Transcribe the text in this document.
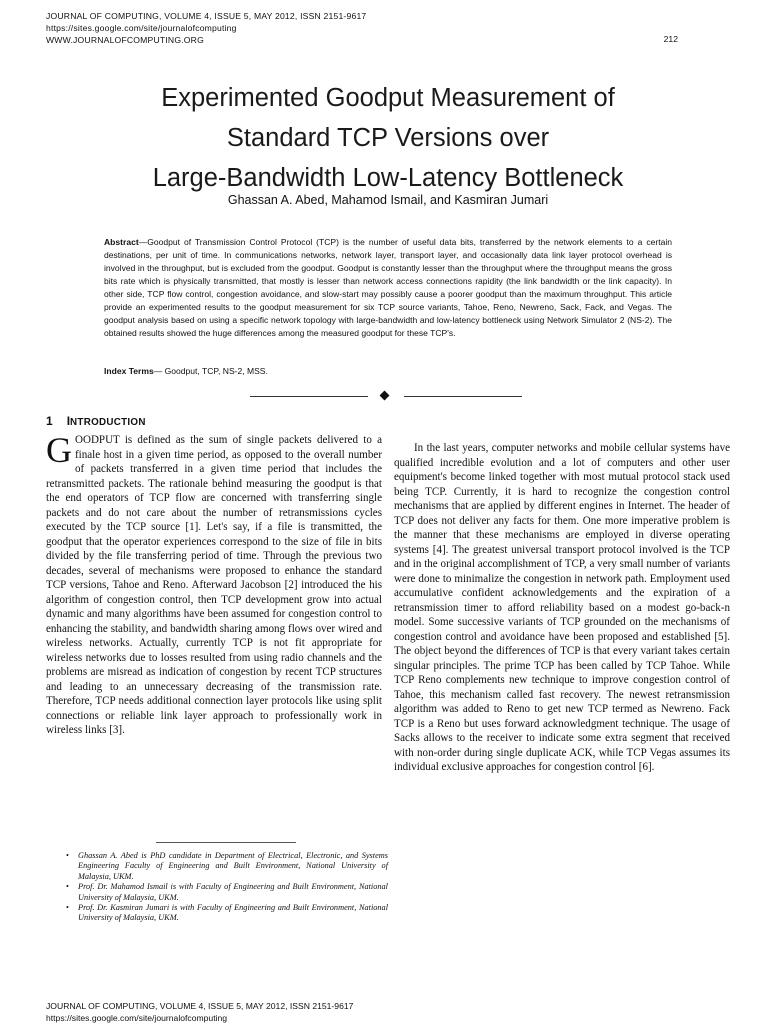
JOURNAL OF COMPUTING, VOLUME 4, ISSUE 5, MAY 2012, ISSN 2151-9617
https://sites.google.com/site/journalofcomputing
WWW.JOURNALOFCOMPUTING.ORG	212
Experimented Goodput Measurement of
Standard TCP Versions over
Large-Bandwidth Low-Latency Bottleneck
Ghassan A. Abed, Mahamod Ismail, and Kasmiran Jumari
Abstract—Goodput of Transmission Control Protocol (TCP) is the number of useful data bits, transferred by the network elements to a certain destinations, per unit of time. In communications networks, network layer, transport layer, and occasionally data link layer protocol overhead is involved in the throughput, but is excluded from the goodput. Goodput is constantly lesser than the throughput where the throughput means the gross bits rate which is physically transmitted, that mostly is lesser than network access connections rapidity (the link bandwidth or the link capacity). In other side, TCP flow control, congestion avoidance, and slow-start may possibly cause a poorer goodput than the maximum throughput. This article provide an experimented results to the goodput measurement for six TCP source variants, Tahoe, Reno, Newreno, Sack, Fack, and Vegas. The goodput analysis based on using a specific network topology with large-bandwidth and low-latency bottleneck using Network Simulator 2 (NS-2). The obtained results showed the huge differences among the measured goodput for these TCP's.
Index Terms— Goodput, TCP, NS-2, MSS.
1 INTRODUCTION
GOODPUT is defined as the sum of single packets delivered to a finale host in a given time period, as opposed to the overall number of packets transferred in a given time period that includes the retransmitted packets. The rationale behind measuring the goodput is that the end operators of TCP flow are concerned with transferring single packets and do not care about the number of retransmissions cycles executed by the TCP source [1]. Let's say, if a file is transmitted, the goodput that the operator experiences correspond to the size of file in bits divided by the file transferring period of time. Through the previous two decades, several of mechanisms were proposed to enhance the standard TCP versions, Tahoe and Reno. Afterward Jacobson [2] introduced the his algorithm of congestion control, then TCP development grow into actual dynamic and many algorithms have been assumed for congestion control to enhancing the stability, and bandwidth sharing among flows over wired and wireless networks. Actually, currently TCP is not fit appropriate for wireless networks due to losses resulted from using radio channels and the problems are misread as indication of congestion by recent TCP structures and leading to an unnecessary decreasing of the transmission rate. Therefore, TCP needs additional connection layer protocols like using split connections or reliable link layer approach to professionally work in wireless links [3].

In the last years, computer networks and mobile cellular systems have qualified incredible evolution and a lot of computers and other user equipment's become linked together with most mutual protocol stack used being TCP. Currently, it is hard to recognize the congestion control mechanisms that are applied by different engines in Internet. The header of TCP does not deliver any facts for them. One more imperative problem is the manner that these mechanisms are employed in diverse operating systems [4]. The greatest universal transport protocol involved is the TCP and in the original accomplishment of TCP, a very small number of variants were done to minimalize the congestion in network path. Employment used accumulative confident acknowledgements and the expiration of a retransmission timer to afford reliability based on a modest go-back-n model. Some successive variants of TCP grounded on the mechanisms of congestion control and avoidance have been proposed and established [5]. The object beyond the differences of TCP is that every variant takes certain singular principles. The prime TCP has been called by TCP Tahoe. While TCP Reno complements new technique to improve congestion control of Tahoe, this mechanism called fast recovery. The newest retransmission algorithm was added to Reno to get new TCP termed as Newreno. Fack TCP is a Reno but uses forward acknowledgment technique. The usage of Sacks allows to the receiver to indicate some extra segment that received with non-order during single duplicate ACK, while TCP Vegas assumes its individual exclusive approaches for congestion control [6].

• Ghassan A. Abed is PhD candidate in Department of Electrical, Electronic, and Systems Engineering Faculty of Engineering and Built Environment, National University of Malaysia, UKM.
• Prof. Dr. Mahamod Ismail is with Faculty of Engineering and Built Environment, National University of Malaysia, UKM.
• Prof. Dr. Kasmiran Jumari is with Faculty of Engineering and Built Environment, National University of Malaysia, UKM.
JOURNAL OF COMPUTING, VOLUME 4, ISSUE 5, MAY 2012, ISSN 2151-9617
https://sites.google.com/site/journalofcomputing
